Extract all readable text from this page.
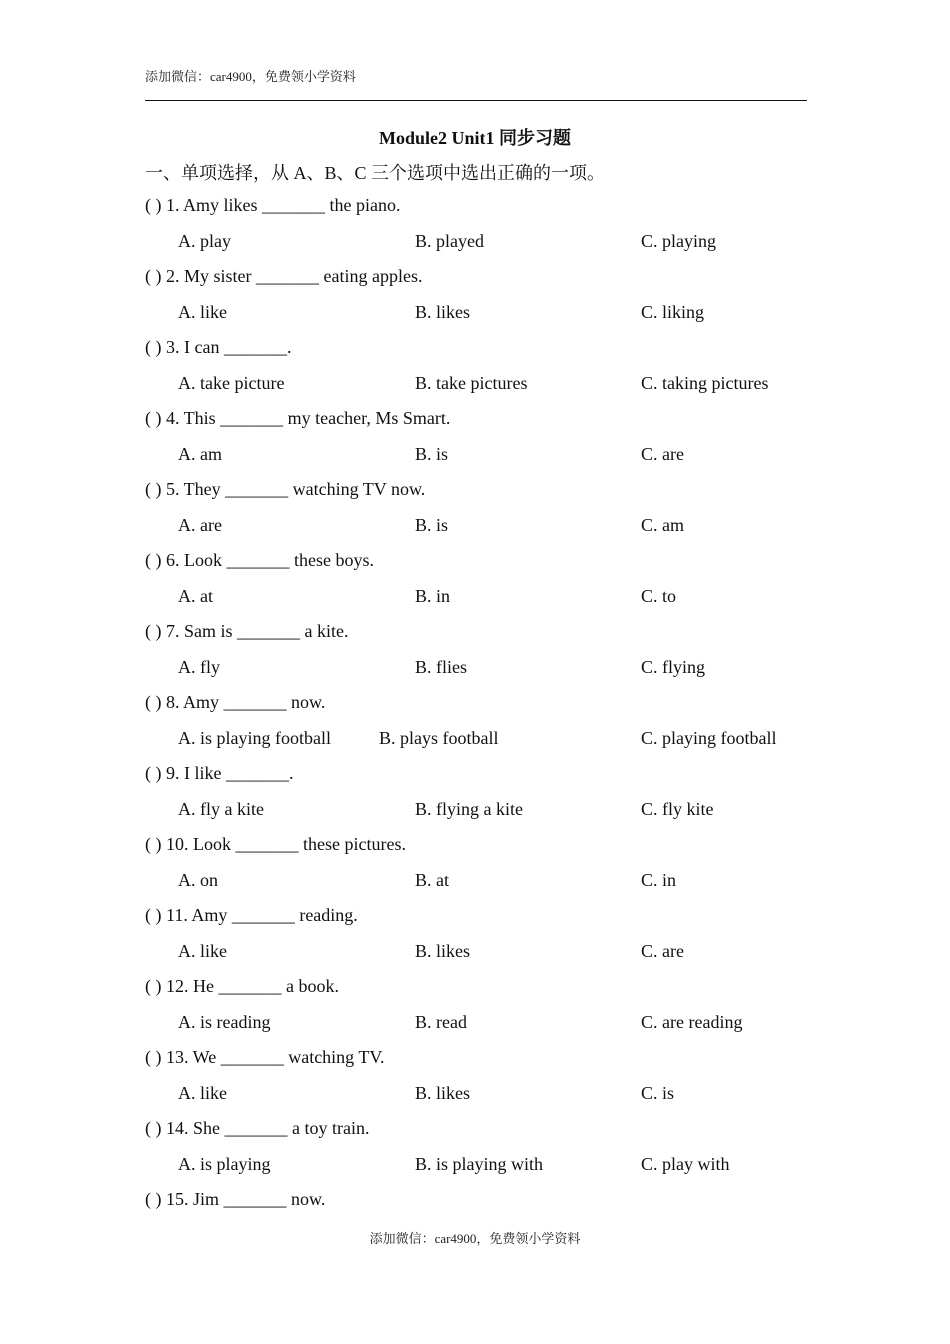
添加微信：car4900，免费领小学资料
Module2 Unit1 同步习题
一、单项选择，从 A、B、C 三个选项中选出正确的一项。
( ) 1. Amy likes _______ the piano.
A. play	B. played	C. playing
( ) 2. My sister _______ eating apples.
A. like	B. likes	C. liking
( ) 3. I can _______.
A. take picture	B. take pictures	C. taking pictures
( ) 4. This _______ my teacher, Ms Smart.
A. am	B. is	C. are
( ) 5. They _______ watching TV now.
A. are	B. is	C. am
( ) 6. Look _______ these boys.
A. at	B. in	C. to
( ) 7. Sam is _______ a kite.
A. fly	B. flies	C. flying
( ) 8. Amy _______ now.
A. is playing football	B. plays football	C. playing football
( ) 9. I like _______.
A. fly a kite	B. flying a kite	C. fly kite
( ) 10. Look _______ these pictures.
A. on	B. at	C. in
( ) 11. Amy _______ reading.
A. like	B. likes	C. are
( ) 12. He _______ a book.
A. is reading	B. read	C. are reading
( ) 13. We _______ watching TV.
A. like	B. likes	C. is
( ) 14. She _______ a toy train.
A. is playing	B. is playing with	C. play with
( ) 15. Jim _______ now.
添加微信：car4900，免费领小学资料
